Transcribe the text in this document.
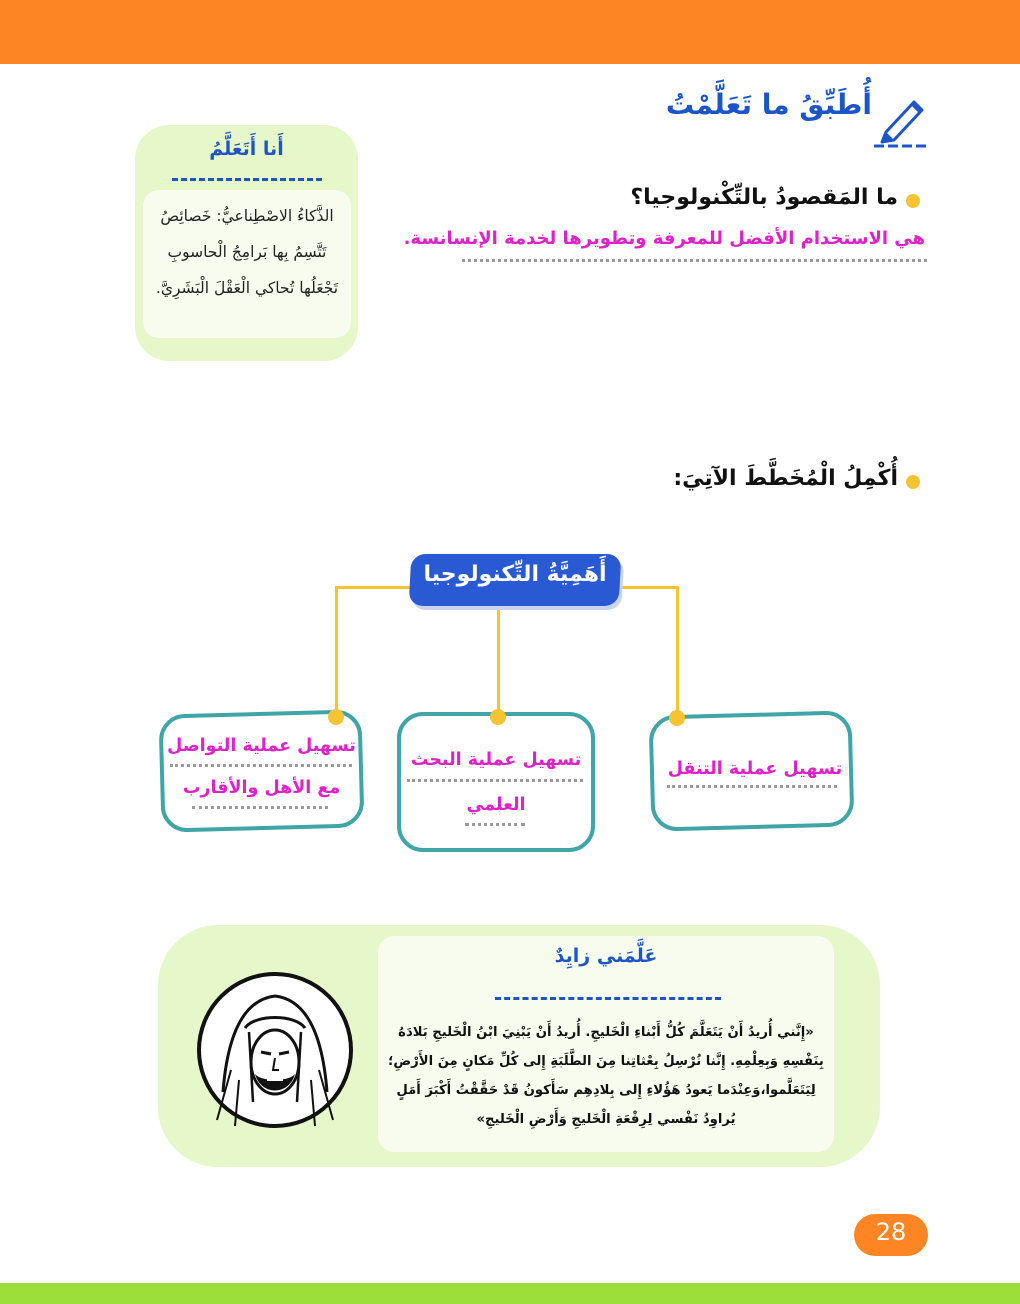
أُطَبِّقُ ما تَعَلَّمْتُ
أَنا أَتَعَلَّمُ
الذَّكاءُ الاصْطِناعيُّ: خَصائِصُ تَتَّسِمُ بِها بَرامِجُ الْحاسوبِ تَجْعَلُها تُحاكي الْعَقْلَ الْبَشَرِيَّ.
ما المَقصودُ بالتِّكْنولوجيا؟
هي الاستخدام الأفضل للمعرفة وتطويرها لخدمة الإنسانسة.
أُكْمِلُ الْمُخَطَّطَ الآتِيَ:
أَهَمِيَّةُ التِّكنولوجيا
تسهيل عملية التواصل
مع الأهل والأقارب
تسهيل عملية البحث
العلمي
تسهيل عملية التنقل
عَلَّمَني زايِدٌ
«إِنَّني أُريدُ أَنْ يَتَعَلَّمَ كُلُّ أَبْناءِ الْخَليجِ. أُريدُ أَنْ يَبْنِيَ ابْنُ الْخَليجِ بَلادَهُ بِنَفْسِهِ وَبِعِلْمِهِ. إِنَّنا نُرْسِلُ بِعْثاتِنا مِنَ الطَّلَبَةِ إِلى كُلِّ مَكانٍ مِنَ الأَرْضِ؛ لِيَتَعَلَّموا،وَعِنْدَما يَعودُ هَؤُلاءِ إِلى بِلادِهِم سَأَكونُ قَدْ حَقَّقْتُ أَكْبَرَ أَمَلٍ يُراوِدُ نَفْسي لِرِفْعَةِ الْخَليجِ وَأَرْضِ الْخَليجِ»
28
